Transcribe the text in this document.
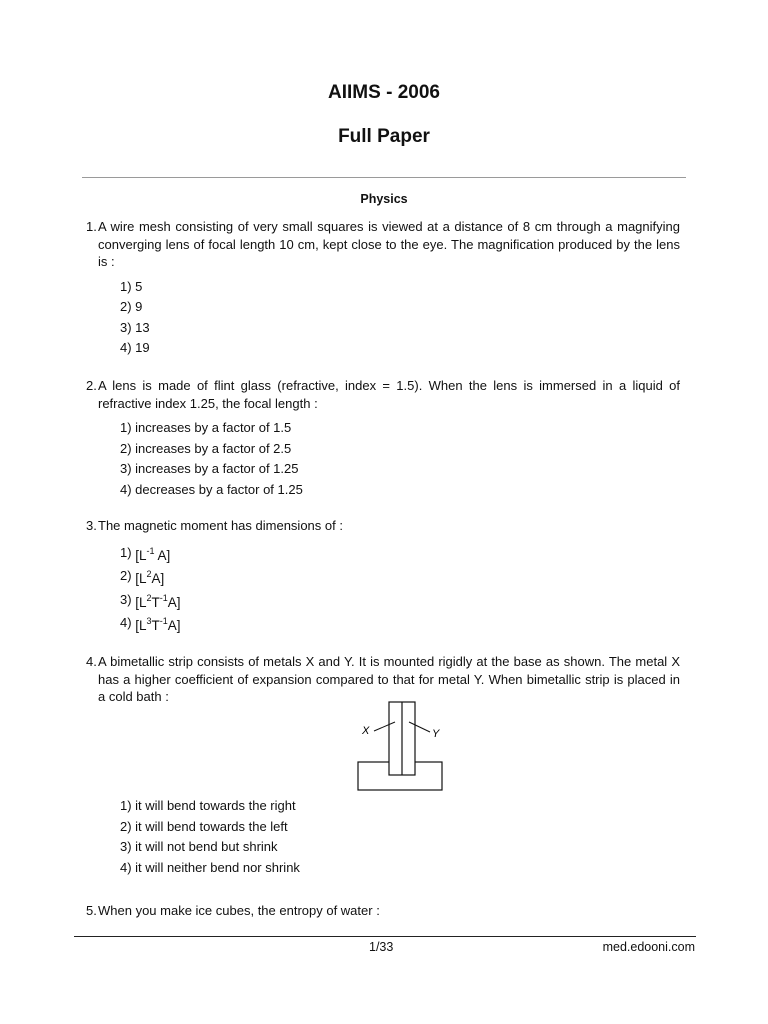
AIIMS - 2006
Full Paper
Physics
1. A wire mesh consisting of very small squares is viewed at a distance of 8 cm through a magnifying converging lens of focal length 10 cm, kept close to the eye. The magnification produced by the lens is :
1) 5
2) 9
3) 13
4) 19
2. A lens is made of flint glass (refractive, index = 1.5). When the lens is immersed in a liquid of refractive index 1.25, the focal length :
1) increases by a factor of 1.5
2) increases by a factor of 2.5
3) increases by a factor of 1.25
4) decreases by a factor of 1.25
3. The magnetic moment has dimensions of :
1) [$L^{-1}$ A]
2) $[L^2A]$
3) $[L^2T^{-1}A]$
4) $[L^3T^{-1}A]$
4. A bimetallic strip consists of metals X and Y. It is mounted rigidly at the base as shown. The metal X has a higher coefficient of expansion compared to that for metal Y. When bimetallic strip is placed in a cold bath :
X	Y
1) it will bend towards the right
2) it will bend towards the left
3) it will not bend but shrink
4) it will neither bend nor shrink
5. When you make ice cubes, the entropy of water :
1/33	med.edooni.com
